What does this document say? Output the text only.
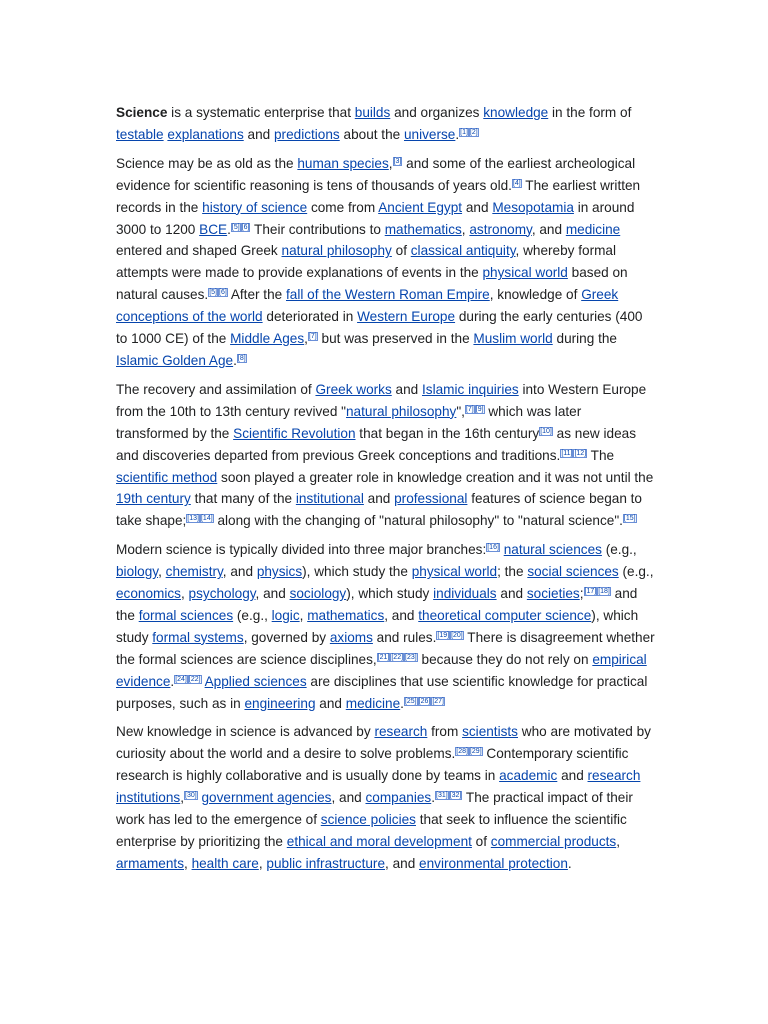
Science is a systematic enterprise that builds and organizes knowledge in the form of testable explanations and predictions about the universe.[1] [2]

Science may be as old as the human species,[3] and some of the earliest archeological evidence for scientific reasoning is tens of thousands of years old.[4] The earliest written records in the history of science come from Ancient Egypt and Mesopotamia in around 3000 to 1200 BCE.[5] [6] Their contributions to mathematics, astronomy, and medicine entered and shaped Greek natural philosophy of classical antiquity, whereby formal attempts were made to provide explanations of events in the physical world based on natural causes.[5] [6] After the fall of the Western Roman Empire, knowledge of Greek conceptions of the world deteriorated in Western Europe during the early centuries (400 to 1000 CE) of the Middle Ages,[7] but was preserved in the Muslim world during the Islamic Golden Age.[8]

The recovery and assimilation of Greek works and Islamic inquiries into Western Europe from the 10th to 13th century revived "natural philosophy",[7] [9] which was later transformed by the Scientific Revolution that began in the 16th century[10] as new ideas and discoveries departed from previous Greek conceptions and traditions.[11] [12] The scientific method soon played a greater role in knowledge creation and it was not until the 19th century that many of the institutional and professional features of science began to take shape;[13] [14] along with the changing of "natural philosophy" to "natural science".[15]

Modern science is typically divided into three major branches:[16] natural sciences (e.g., biology, chemistry, and physics), which study the physical world; the social sciences (e.g., economics, psychology, and sociology), which study individuals and societies;[17] [18] and the formal sciences (e.g., logic, mathematics, and theoretical computer science), which study formal systems, governed by axioms and rules.[19] [20] There is disagreement whether the formal sciences are science disciplines,[21] [22] [23] because they do not rely on empirical evidence.[24] [22] Applied sciences are disciplines that use scientific knowledge for practical purposes, such as in engineering and medicine.[25] [26] [27]

New knowledge in science is advanced by research from scientists who are motivated by curiosity about the world and a desire to solve problems.[28] [29] Contemporary scientific research is highly collaborative and is usually done by teams in academic and research institutions,[30] government agencies, and companies.[31] [32] The practical impact of their work has led to the emergence of science policies that seek to influence the scientific enterprise by prioritizing the ethical and moral development of commercial products, armaments, health care, public infrastructure, and environmental protection.
